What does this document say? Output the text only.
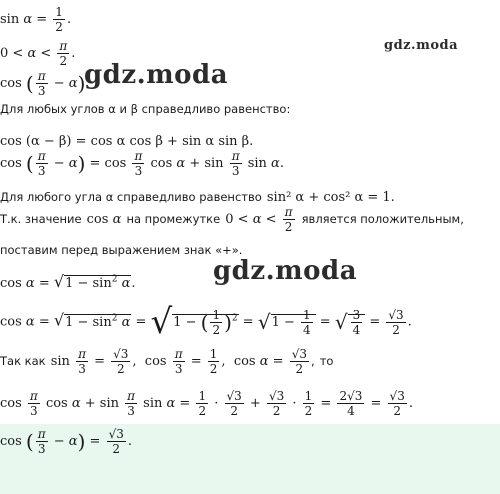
gdz.moda
gdz.moda
gdz.moda
$\sin \alpha = \frac{1}{2}$ .
$0 < \alpha < \frac{\pi}{2}$ .
cos ( $\frac{\pi}{3} - \alpha$)
Для любых углов α и β справедливо равенство:
cos (α − β) = cos α cos β + sin α sin β.
cos ( $\frac{\pi}{3} - \alpha) = \cos \frac{\pi}{3}$ $\cos \alpha + \sin \frac{\pi}{3}$ sin α.
Для любого угла α справедливо равенство sin² α + cos² α = 1.
Т.к. значение cos α на промежутке $0 < \alpha < \frac{\pi}{2}$ является положительным,
поставим перед выражением знак «+».
$\cos \alpha = √1 - \sin^2 \alpha$.
$\cos \alpha = √1 - \sin^2 \alpha = √1$ − ( $\frac{1}{2} )^2 = √1 - \frac{1}{4}$ = √ $\frac{3}{4} = \frac{√3}{2}$ .
Так как $\sin \frac{\pi}{3} = \frac{√3}{2}$ ,  $\cos \frac{\pi}{3} = \frac{1}{2}$ ,  $\cos \alpha = \frac{√3}{2}$ , то
$\cos \frac{\pi}{3}$ $\cos \alpha + \sin \frac{\pi}{3}$ $\sin \alpha = \frac{1}{2} \cdot \frac{√3}{2} + \frac{√3}{2} \cdot \frac{1}{2} = \frac{2√3}{4} = \frac{√3}{2}$ .
cos ( $\frac{\pi}{3} - \alpha) = \frac{√3}{2}$ .
